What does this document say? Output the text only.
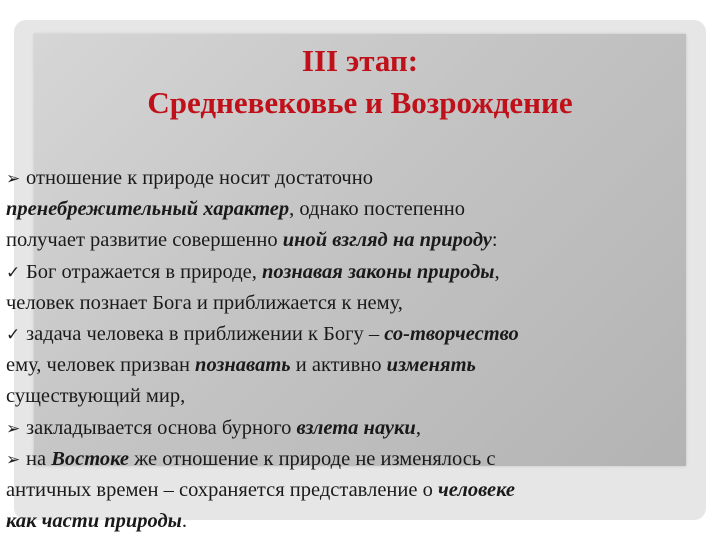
III этап:
Средневековье и Возрождение
➢ отношение к природе носит достаточно
пренебрежительный характер, однако постепенно
получает развитие совершенно иной взгляд на природу:
✓ Бог отражается в природе, познавая законы природы,
человек познает Бога и приближается к нему,
✓ задача человека в приближении к Богу – со-творчество
ему, человек призван познавать и активно изменять
существующий мир,
➢ закладывается основа бурного взлета науки,
➢ на Востоке же отношение к природе не изменялось с
античных времен – сохраняется представление о человеке
как части природы.
